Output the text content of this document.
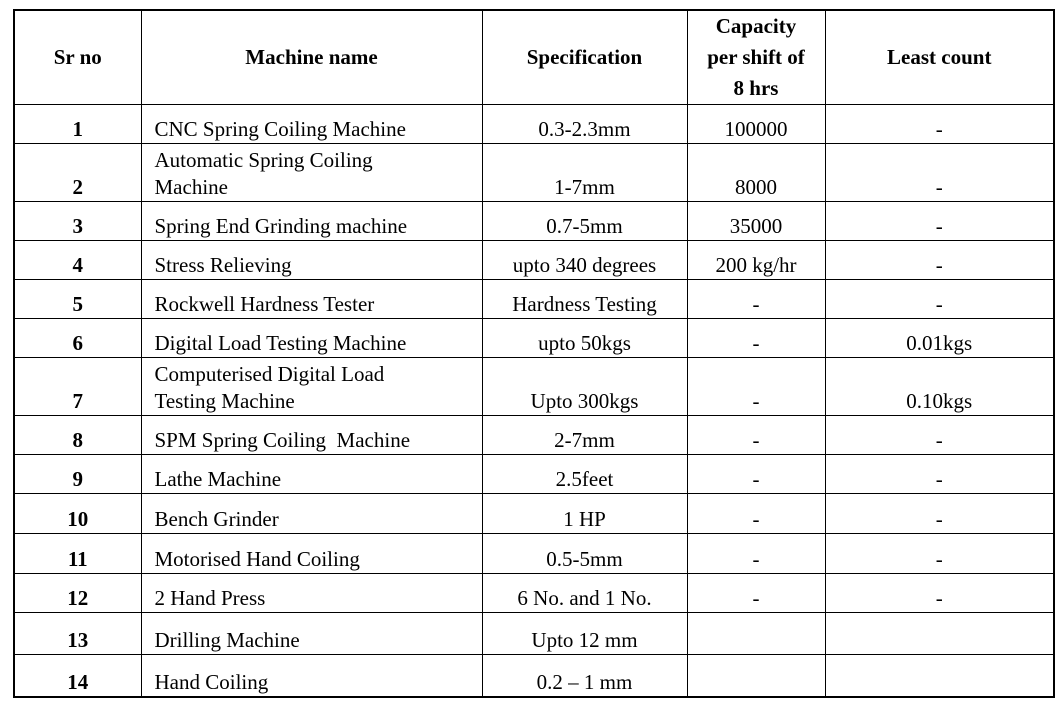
Sr no	Machine name	Specification	Capacity
per shift of
8 hrs	Least count
1	CNC Spring Coiling Machine	0.3-2.3mm	100000	-
2	Automatic Spring Coiling
Machine	1-7mm	8000	-
3	Spring End Grinding machine	0.7-5mm	35000	-
4	Stress Relieving	upto 340 degrees	200 kg/hr	-
5	Rockwell Hardness Tester	Hardness Testing	-	-
6	Digital Load Testing Machine	upto 50kgs	-	0.01kgs
7	Computerised Digital Load
Testing Machine	Upto 300kgs	-	0.10kgs
8	SPM Spring Coiling  Machine	2-7mm	-	-
9	Lathe Machine	2.5feet	-	-
10	Bench Grinder	1 HP	-	-
11	Motorised Hand Coiling	0.5-5mm	-	-
12	2 Hand Press	6 No. and 1 No.	-	-
13	Drilling Machine	Upto 12 mm		
14	Hand Coiling	0.2 – 1 mm		
